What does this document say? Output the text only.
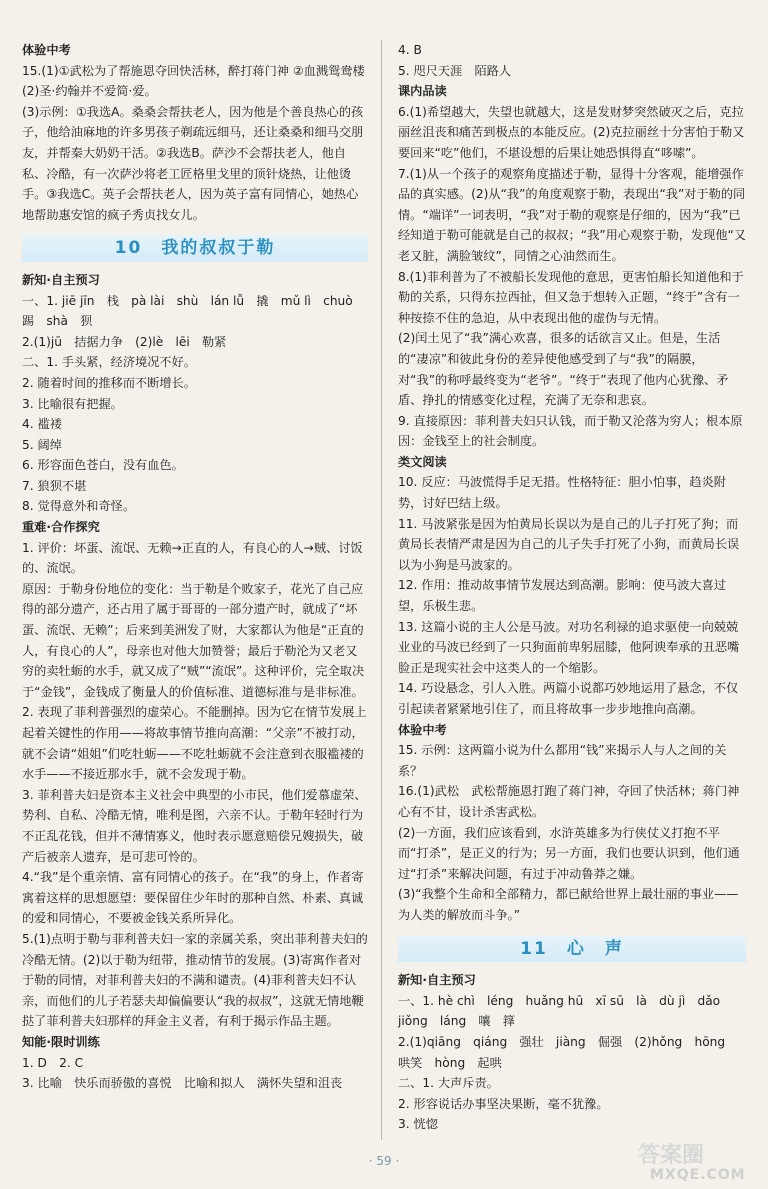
体验中考
15.(1)①武松为了帮施恩夺回快活林，醉打蒋门神 ②血溅鸳鸯楼
(2)圣·约翰并不爱简·爱。
(3)示例：①我选A。桑桑会帮扶老人，因为他是个善良热心的孩子，他给油麻地的许多男孩子剃疏远细马，还让桑桑和细马交朋友，并帮秦大奶奶干活。②我选B。萨沙不会帮扶老人，他自私、冷酷，有一次萨沙将老工匠格里戈里的顶针烧热，让他烫手。③我选C。英子会帮扶老人，因为英子富有同情心，她热心地帮助惠安馆的疯子秀贞找女儿。
10　我的叔叔于勒
新知·自主预习
一、1. jiē jīn　栈　pà lài　shù　lán lǚ　撬　mǔ lì　chuò　踢　shà　狈
2.(1)jū　拮据力争　(2)lè　lēi　勒紧
二、1. 手头紧，经济境况不好。
2. 随着时间的推移而不断增长。
3. 比喻很有把握。
4. 褴褛
5. 阔绰
6. 形容面色苍白，没有血色。
7. 狼狈不堪
8. 觉得意外和奇怪。
重难·合作探究
1. 评价：坏蛋、流氓、无赖→正直的人，有良心的人→贼、讨饭的、流氓。
原因：于勒身份地位的变化：当于勒是个败家子，花光了自己应得的部分遗产，还占用了属于哥哥的一部分遗产时，就成了“坏蛋、流氓、无赖”；后来到美洲发了财，大家都认为他是“正直的人，有良心的人”，母亲也对他大加赞誉；最后于勒沦为又老又穷的卖牡蛎的水手，就又成了“贼”“流氓”。这种评价，完全取决于“金钱”，金钱成了衡量人的价值标准、道德标准与是非标准。
2. 表现了菲利普强烈的虚荣心。不能删掉。因为它在情节发展上起着关键性的作用——将故事情节推向高潮：“父亲”不被打动，就不会请“姐姐”们吃牡蛎——不吃牡蛎就不会注意到衣服褴褛的水手——不接近那水手，就不会发现于勒。
3. 菲利普夫妇是资本主义社会中典型的小市民，他们爱慕虚荣、势利、自私、冷酷无情，唯利是图，六亲不认。于勒年轻时行为不正乱花钱，但并不薄情寡义，他时表示愿意赔偿兄嫂损失，破产后被亲人遗弃，是可悲可怜的。
4.“我”是个重亲情、富有同情心的孩子。在“我”的身上，作者寄寓着这样的思想愿望：要保留住少年时的那种自然、朴素、真诚的爱和同情心，不要被金钱关系所异化。
5.(1)点明于勒与菲利普夫妇一家的亲属关系，突出菲利普夫妇的冷酷无情。(2)以于勒为纽带，推动情节的发展。(3)寄寓作者对于勒的同情，对菲利普夫妇的不满和谴责。(4)菲利普夫妇不认亲，而他们的儿子若瑟夫却偏偏要认“我的叔叔”，这就无情地鞭挞了菲利普夫妇那样的拜金主义者，有利于揭示作品主题。
知能·限时训练
1. D　2. C
3. 比喻　快乐而骄傲的喜悦　比喻和拟人　满怀失望和沮丧
4. B
5. 咫尺天涯　陌路人
课内品读
6.(1)希望越大，失望也就越大，这是发财梦突然破灭之后，克拉丽丝沮丧和痛苦到极点的本能反应。(2)克拉丽丝十分害怕于勒又要回来“吃”他们，不堪设想的后果让她恐惧得直“哆嗦”。
7.(1)从一个孩子的观察角度描述于勒，显得十分客观，能增强作品的真实感。(2)从“我”的角度观察于勒，表现出“我”对于勒的同情。“端详”一词表明，“我”对于勒的观察是仔细的，因为“我”已经知道于勒可能就是自己的叔叔；“我”用心观察于勒，发现他“又老又脏，满脸皱纹”，同情之心油然而生。
8.(1)菲利普为了不被船长发现他的意思，更害怕船长知道他和于勒的关系，只得东拉西扯，但又急于想转入正题，“终于”含有一种按捺不住的急迫，从中表现出他的虚伪与无情。
(2)闰土见了“我”满心欢喜，很多的话欲言又止。但是，生活的“凄凉”和彼此身份的差异使他感受到了与“我”的隔膜，对“我”的称呼最终变为“老爷”。“终于”表现了他内心犹豫、矛盾、挣扎的情感变化过程，充满了无奈和悲哀。
9. 直接原因：菲利普夫妇只认钱，而于勒又沦落为穷人；根本原因：金钱至上的社会制度。
类文阅读
10. 反应：马波慌得手足无措。性格特征：胆小怕事，趋炎附势，讨好巴结上级。
11. 马波紧张是因为怕黄局长误以为是自己的儿子打死了狗；而黄局长表情严肃是因为自己的儿子失手打死了小狗，而黄局长误以为小狗是马波家的。
12. 作用：推动故事情节发展达到高潮。影响：使马波大喜过望，乐极生悲。
13. 这篇小说的主人公是马波。对功名利禄的追求驱使一向兢兢业业的马波已经到了一只狗面前卑躬屈膝，他阿谀奉承的丑恶嘴脸正是现实社会中这类人的一个缩影。
14. 巧设悬念，引人入胜。两篇小说都巧妙地运用了悬念，不仅引起读者紧紧地引住了，而且将故事一步步地推向高潮。
体验中考
15. 示例：这两篇小说为什么都用“钱”来揭示人与人之间的关系？
16.(1)武松　武松帮施恩打跑了蒋门神，夺回了快活林；蒋门神心有不甘，设计杀害武松。
(2)一方面，我们应该看到，水浒英雄多为行侠仗义打抱不平而“打杀”，是正义的行为；另一方面，我们也要认识到，他们通过“打杀”来解决问题，有过于冲动鲁莽之嫌。
(3)“我整个生命和全部精力，都已献给世界上最壮丽的事业——为人类的解放而斗争。”
11　心　声
新知·自主预习
一、1. hè chì　léng　huǎng hū　xī sū　là　dù jì　dǎo　jiǒng　láng　嚷　箨
2.(1)qiāng　qiáng　强壮　jiàng　倔强　(2)hǒng　hōng　哄笑　hòng　起哄
二、1. 大声斥责。
2. 形容说话办事坚决果断，毫不犹豫。
3. 恍惚
· 59 ·	答案圈
MXQE.COM
